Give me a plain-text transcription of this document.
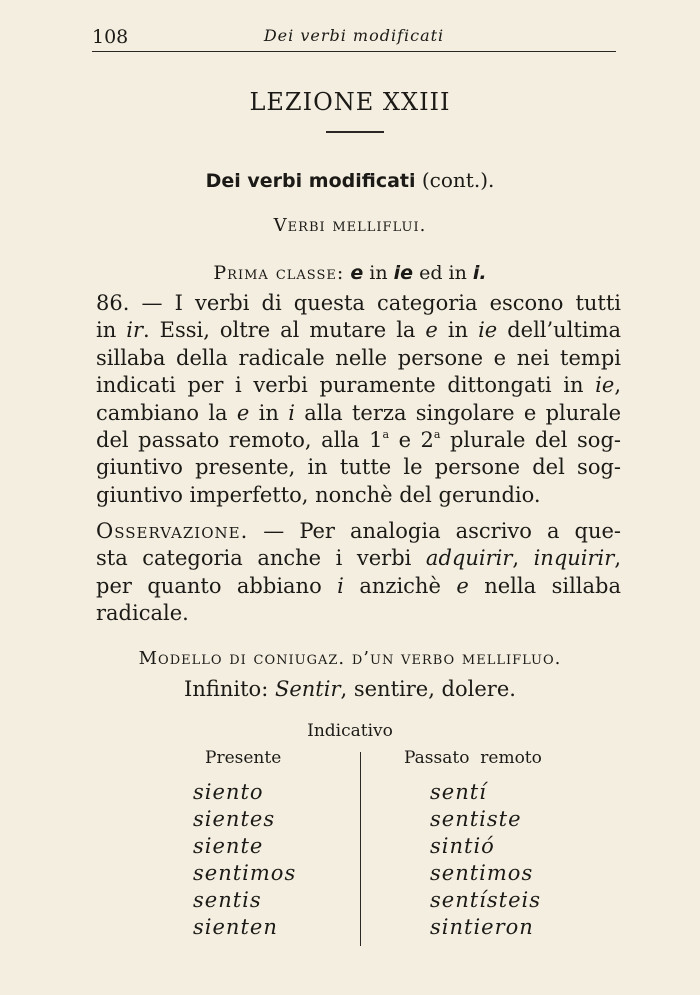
108	Dei verbi modificati
LEZIONE XXIII
Dei verbi modificati (cont.).
Verbi melliflui.
Prima classe: e in ie ed in i.
86. — I verbi di questa categoria escono tutti
in ir. Essi, oltre al mutare la e in ie dell’ultima
sillaba della radicale nelle persone e nei tempi
indicati per i verbi puramente dittongati in ie,
cambiano la e in i alla terza singolare e plurale
del passato remoto, alla 1$^a$ e 2$^a$ plurale del sog-
giuntivo presente, in tutte le persone del sog-
giuntivo imperfetto, nonchè del gerundio.
Osservazione. — Per analogia ascrivo a que-
sta categoria anche i verbi adquirir, inquirir,
per quanto abbiano i anzichè e nella sillaba
radicale.
Modello di coniugaz. d’un verbo mellifluo.
Infinito: Sentir, sentire, dolere.
Indicativo
Presente	Passato  remoto
siento
sientes
siente
sentimos
sentis
sienten
sentí
sentiste
sintió
sentimos
sentísteis
sintieron
